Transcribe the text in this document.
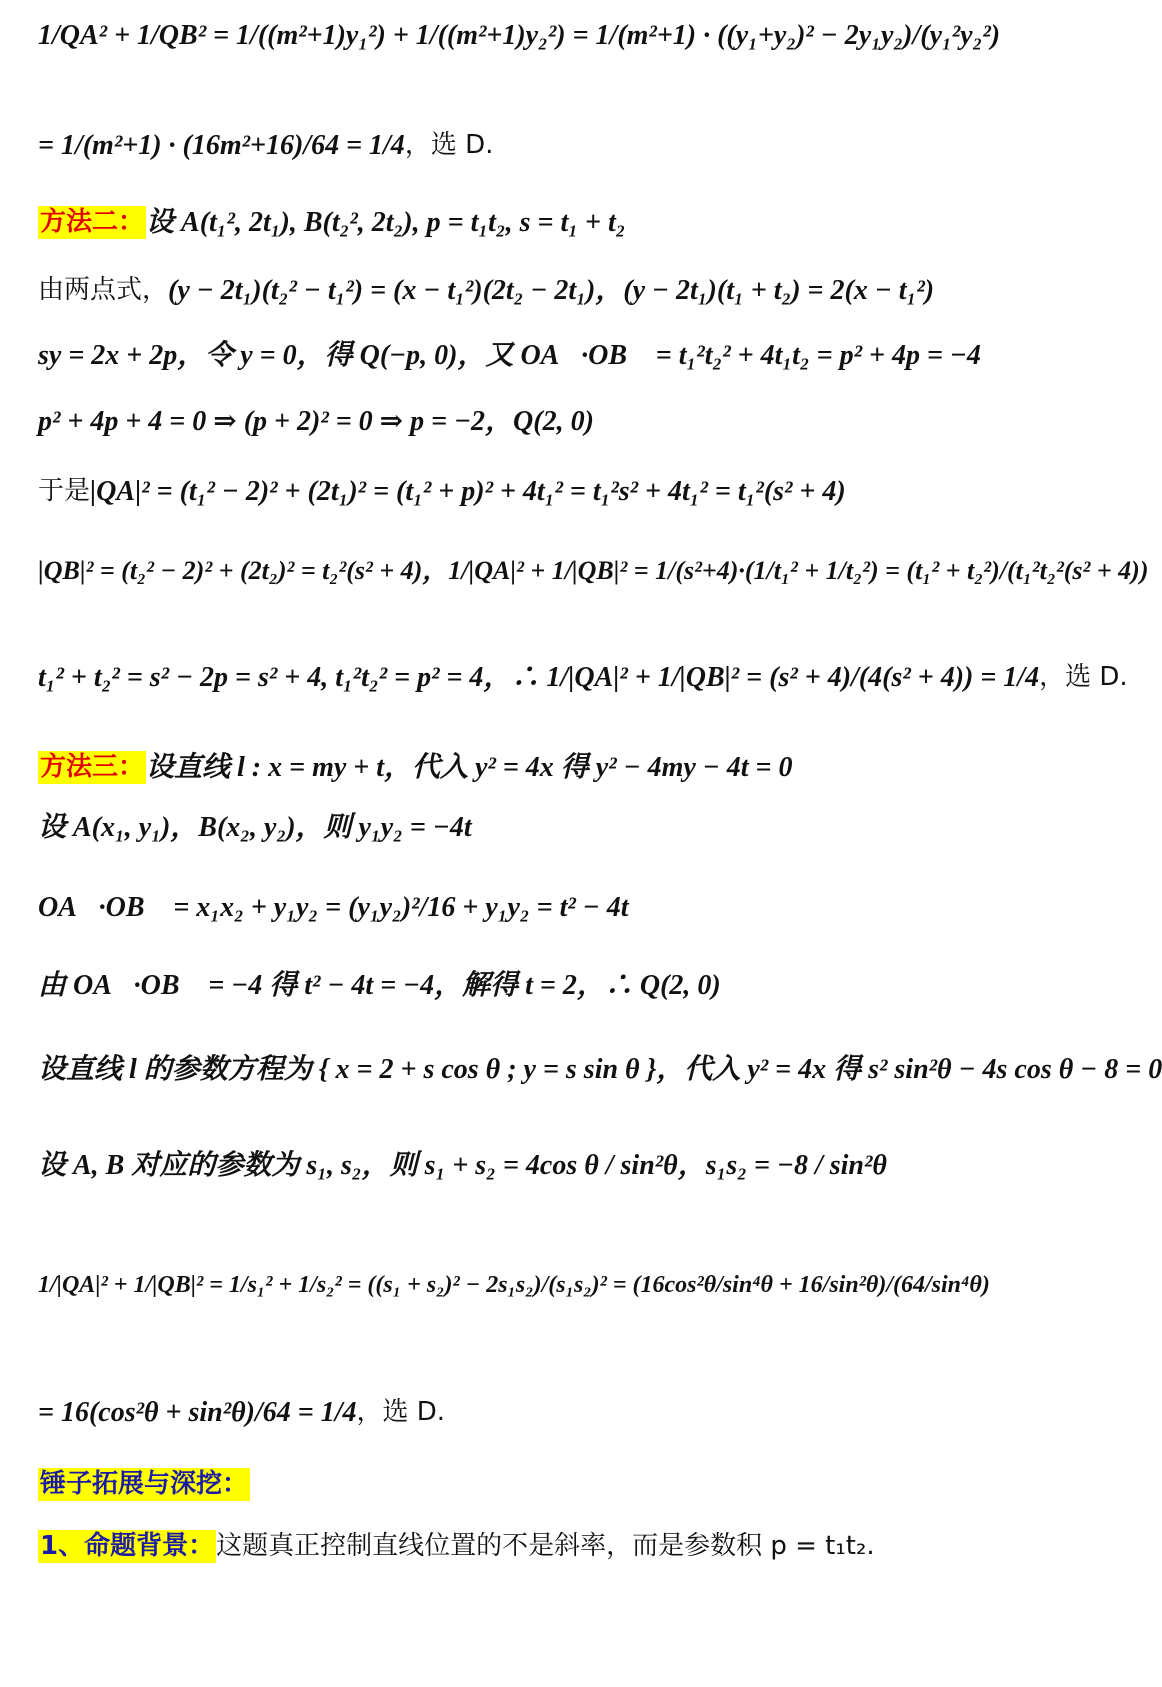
1/QA² + 1/QB² = 1/((m²+1)y₁²) + 1/((m²+1)y₂²) = 1/(m²+1) · ((y₁+y₂)² − 2y₁y₂)/(y₁²y₂²)
= 1/(m²+1) · (16m²+16)/64 = 1/4 ，选 D.
方法二： 设 A(t₁², 2t₁), B(t₂², 2t₂), p = t₁t₂, s = t₁ + t₂
由两点式， (y − 2t₁)(t₂² − t₁²) = (x − t₁²)(2t₂ − 2t₁)，(y − 2t₁)(t₁ + t₂) = 2(x − t₁²)
sy = 2x + 2p，令 y = 0，得 Q(−p, 0)，又 OA⃗·OB⃗ = t₁²t₂² + 4t₁t₂ = p² + 4p = −4
p² + 4p + 4 = 0 ⇒ (p + 2)² = 0 ⇒ p = −2，Q(2, 0)
于是 |QA|² = (t₁² − 2)² + (2t₁)² = (t₁² + p)² + 4t₁² = t₁²s² + 4t₁² = t₁²(s² + 4)
|QB|² = (t₂² − 2)² + (2t₂)² = t₂²(s² + 4)，1/|QA|² + 1/|QB|² = 1/(s²+4)·(1/t₁² + 1/t₂²) = (t₁² + t₂²)/(t₁²t₂²(s² + 4))
t₁² + t₂² = s² − 2p = s² + 4, t₁²t₂² = p² = 4，∴ 1/|QA|² + 1/|QB|² = (s² + 4)/(4(s² + 4)) = 1/4 ，选 D.
方法三： 设直线 l : x = my + t，代入 y² = 4x 得 y² − 4my − 4t = 0
设 A(x₁, y₁)，B(x₂, y₂)，则 y₁y₂ = −4t
OA⃗·OB⃗ = x₁x₂ + y₁y₂ = (y₁y₂)²/16 + y₁y₂ = t² − 4t
由 OA⃗·OB⃗ = −4 得 t² − 4t = −4，解得 t = 2，∴ Q(2, 0)
设直线 l 的参数方程为 { x = 2 + s cos θ ; y = s sin θ }，代入 y² = 4x 得 s² sin²θ − 4s cos θ − 8 = 0
设 A, B 对应的参数为 s₁, s₂，则 s₁ + s₂ = 4cos θ / sin²θ，s₁s₂ = −8 / sin²θ
1/|QA|² + 1/|QB|² = 1/s₁² + 1/s₂² = ((s₁ + s₂)² − 2s₁s₂)/(s₁s₂)² = (16cos²θ/sin⁴θ + 16/sin²θ)/(64/sin⁴θ)
= 16(cos²θ + sin²θ)/64 = 1/4 ，选 D.
锤子拓展与深挖：
1、命题背景： 这题真正控制直线位置的不是斜率，而是参数积 p = t₁t₂.
